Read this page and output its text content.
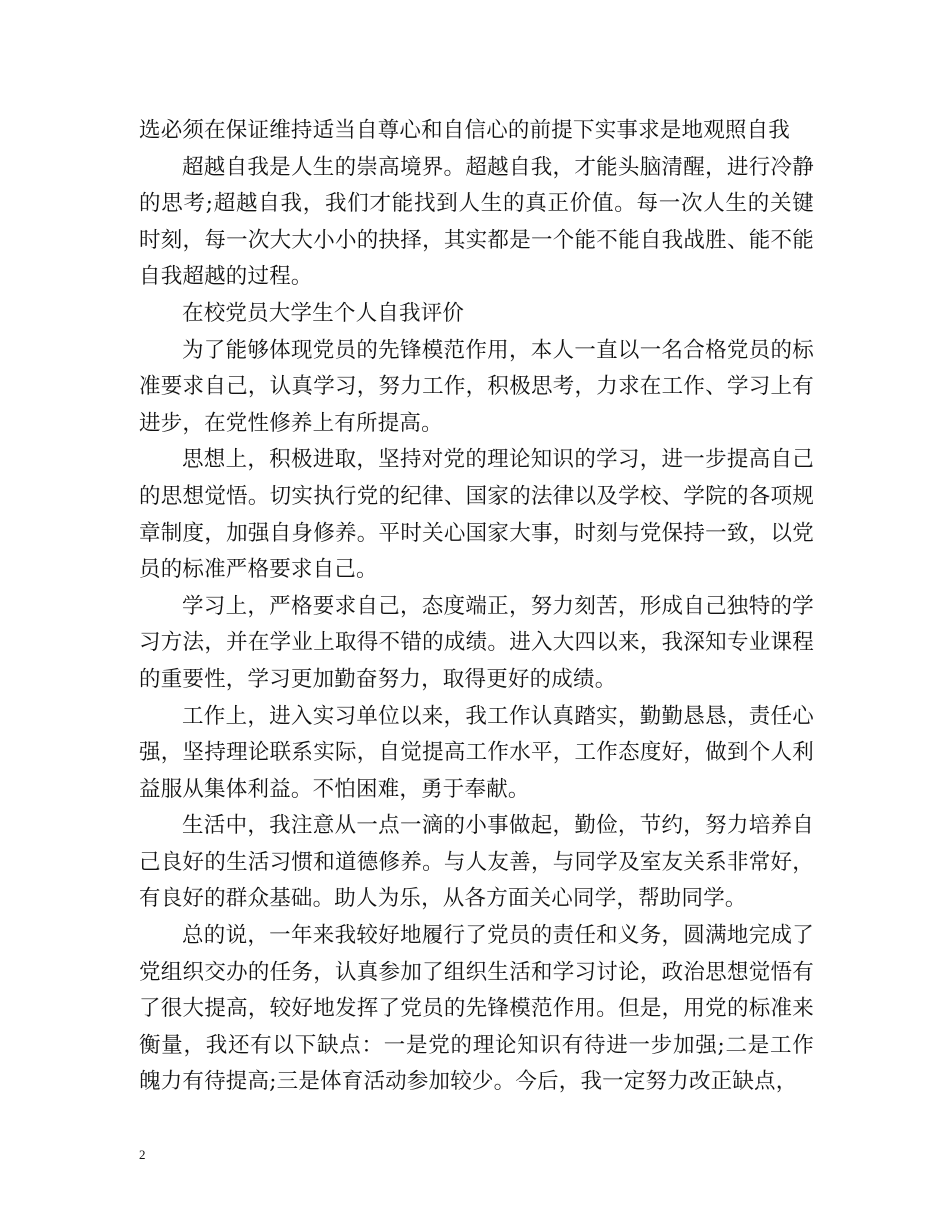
选必须在保证维持适当自尊心和自信心的前提下实事求是地观照自我

超越自我是人生的崇高境界。超越自我，才能头脑清醒，进行冷静的思考;超越自我，我们才能找到人生的真正价值。每一次人生的关键时刻，每一次大大小小的抉择，其实都是一个能不能自我战胜、能不能自我超越的过程。

在校党员大学生个人自我评价

为了能够体现党员的先锋模范作用，本人一直以一名合格党员的标准要求自己，认真学习，努力工作，积极思考，力求在工作、学习上有进步，在党性修养上有所提高。

思想上，积极进取，坚持对党的理论知识的学习，进一步提高自己的思想觉悟。切实执行党的纪律、国家的法律以及学校、学院的各项规章制度，加强自身修养。平时关心国家大事，时刻与党保持一致，以党员的标准严格要求自己。

学习上，严格要求自己，态度端正，努力刻苦，形成自己独特的学习方法，并在学业上取得不错的成绩。进入大四以来，我深知专业课程的重要性，学习更加勤奋努力，取得更好的成绩。

工作上，进入实习单位以来，我工作认真踏实，勤勤恳恳，责任心强，坚持理论联系实际，自觉提高工作水平，工作态度好，做到个人利益服从集体利益。不怕困难，勇于奉献。

生活中，我注意从一点一滴的小事做起，勤俭，节约，努力培养自己良好的生活习惯和道德修养。与人友善，与同学及室友关系非常好，有良好的群众基础。助人为乐，从各方面关心同学，帮助同学。

总的说，一年来我较好地履行了党员的责任和义务，圆满地完成了党组织交办的任务，认真参加了组织生活和学习讨论，政治思想觉悟有了很大提高，较好地发挥了党员的先锋模范作用。但是，用党的标准来衡量，我还有以下缺点：一是党的理论知识有待进一步加强;二是工作魄力有待提高;三是体育活动参加较少。今后，我一定努力改正缺点，

2
